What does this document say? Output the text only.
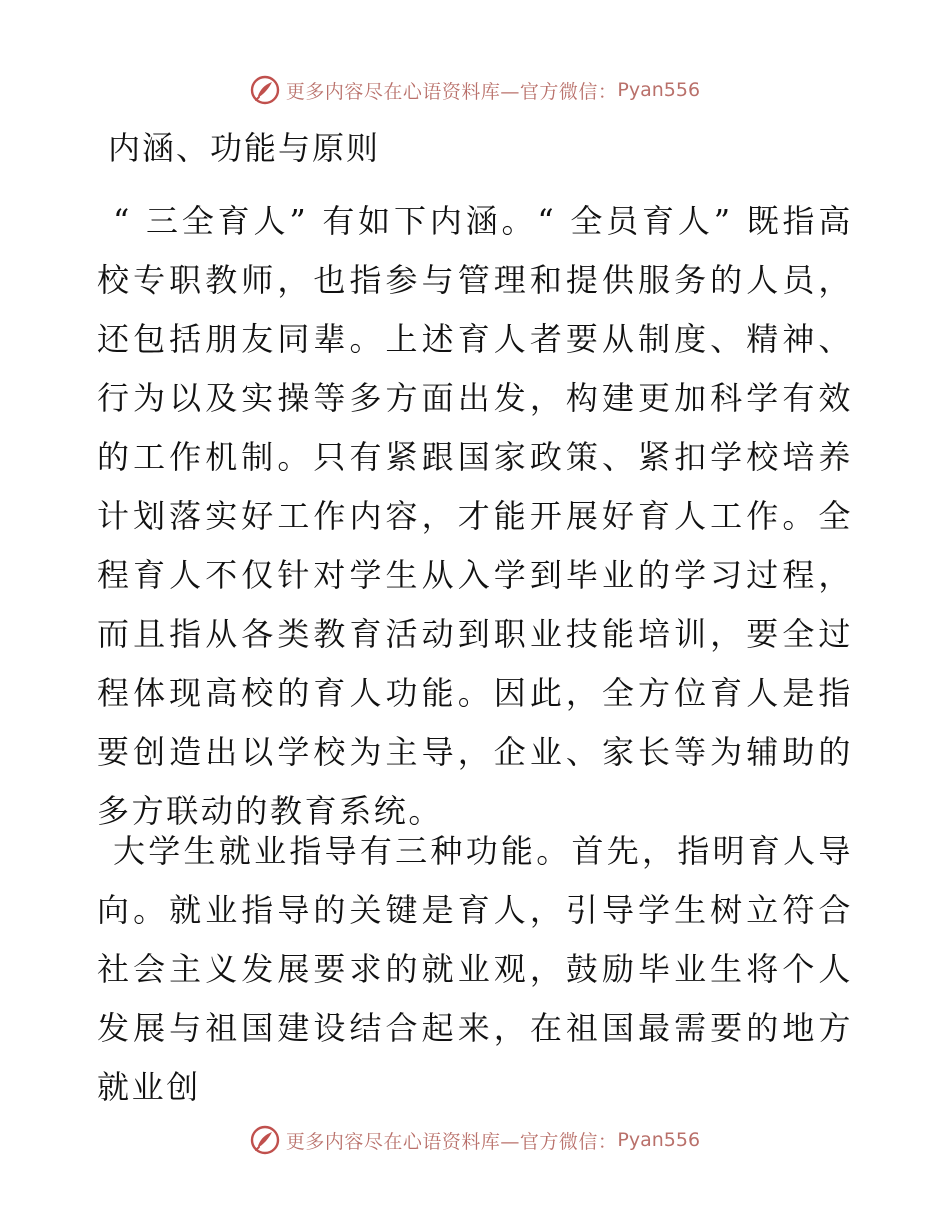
更多内容尽在心语资料库—官方微信： Pyan556
内涵、功能与原则

“ 三全育人” 有如下内涵。“ 全员育人” 既指高校专职教师，也指参与管理和提供服务的人员，还包括朋友同辈。上述育人者要从制度、精神、行为以及实操等多方面出发，构建更加科学有效的工作机制。只有紧跟国家政策、紧扣学校培养计划落实好工作内容，才能开展好育人工作。全程育人不仅针对学生从入学到毕业的学习过程，而且指从各类教育活动到职业技能培训，要全过程体现高校的育人功能。因此，全方位育人是指要创造出以学校为主导，企业、家长等为辅助的多方联动的教育系统。

大学生就业指导有三种功能。首先，指明育人导向。就业指导的关键是育人，引导学生树立符合社会主义发展要求的就业观，鼓励毕业生将个人发展与祖国建设结合起来，在祖国最需要的地方就业创

更多内容尽在心语资料库—官方微信： Pyan556
